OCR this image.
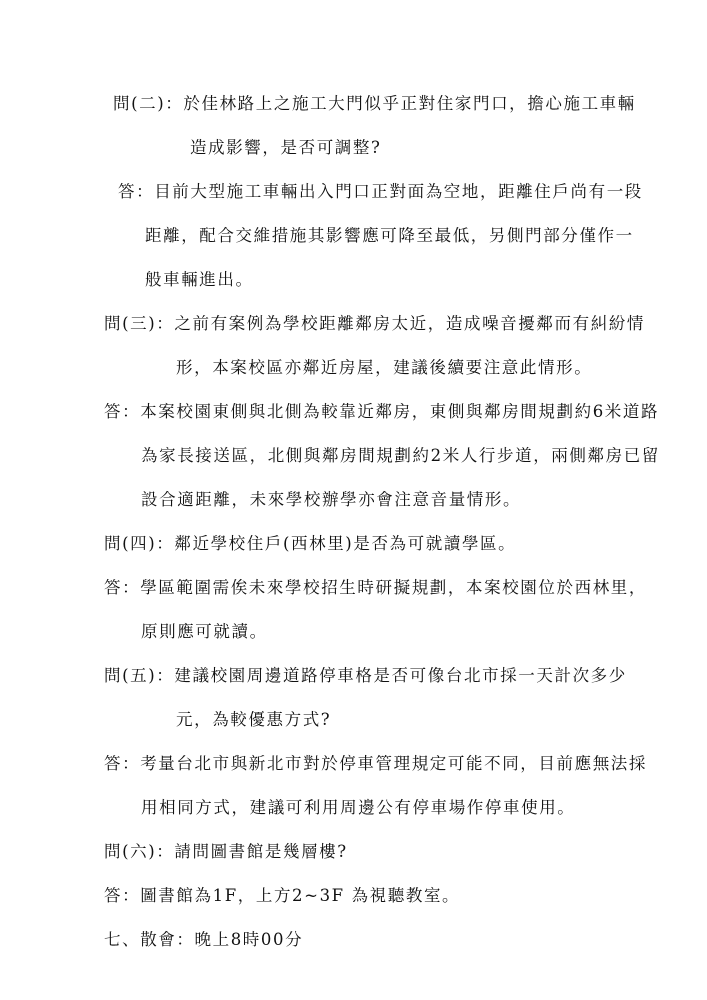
問(二)：於佳林路上之施工大門似乎正對住家門口，擔心施工車輛
造成影響，是否可調整?
答：目前大型施工車輛出入門口正對面為空地，距離住戶尚有一段
距離，配合交維措施其影響應可降至最低，另側門部分僅作一
般車輛進出。
問(三)：之前有案例為學校距離鄰房太近，造成噪音擾鄰而有糾紛情
形，本案校區亦鄰近房屋，建議後續要注意此情形。
答：本案校園東側與北側為較靠近鄰房，東側與鄰房間規劃約6米道路
為家長接送區，北側與鄰房間規劃約2米人行步道，兩側鄰房已留
設合適距離，未來學校辦學亦會注意音量情形。
問(四)：鄰近學校住戶(西林里)是否為可就讀學區。
答：學區範圍需俟未來學校招生時研擬規劃，本案校園位於西林里，
原則應可就讀。
問(五)：建議校園周邊道路停車格是否可像台北市採一天計次多少
元，為較優惠方式?
答：考量台北市與新北市對於停車管理規定可能不同，目前應無法採
用相同方式，建議可利用周邊公有停車場作停車使用。
問(六)：請問圖書館是幾層樓?
答：圖書館為1F，上方2~3F 為視聽教室。
七、散會：晚上8時00分
